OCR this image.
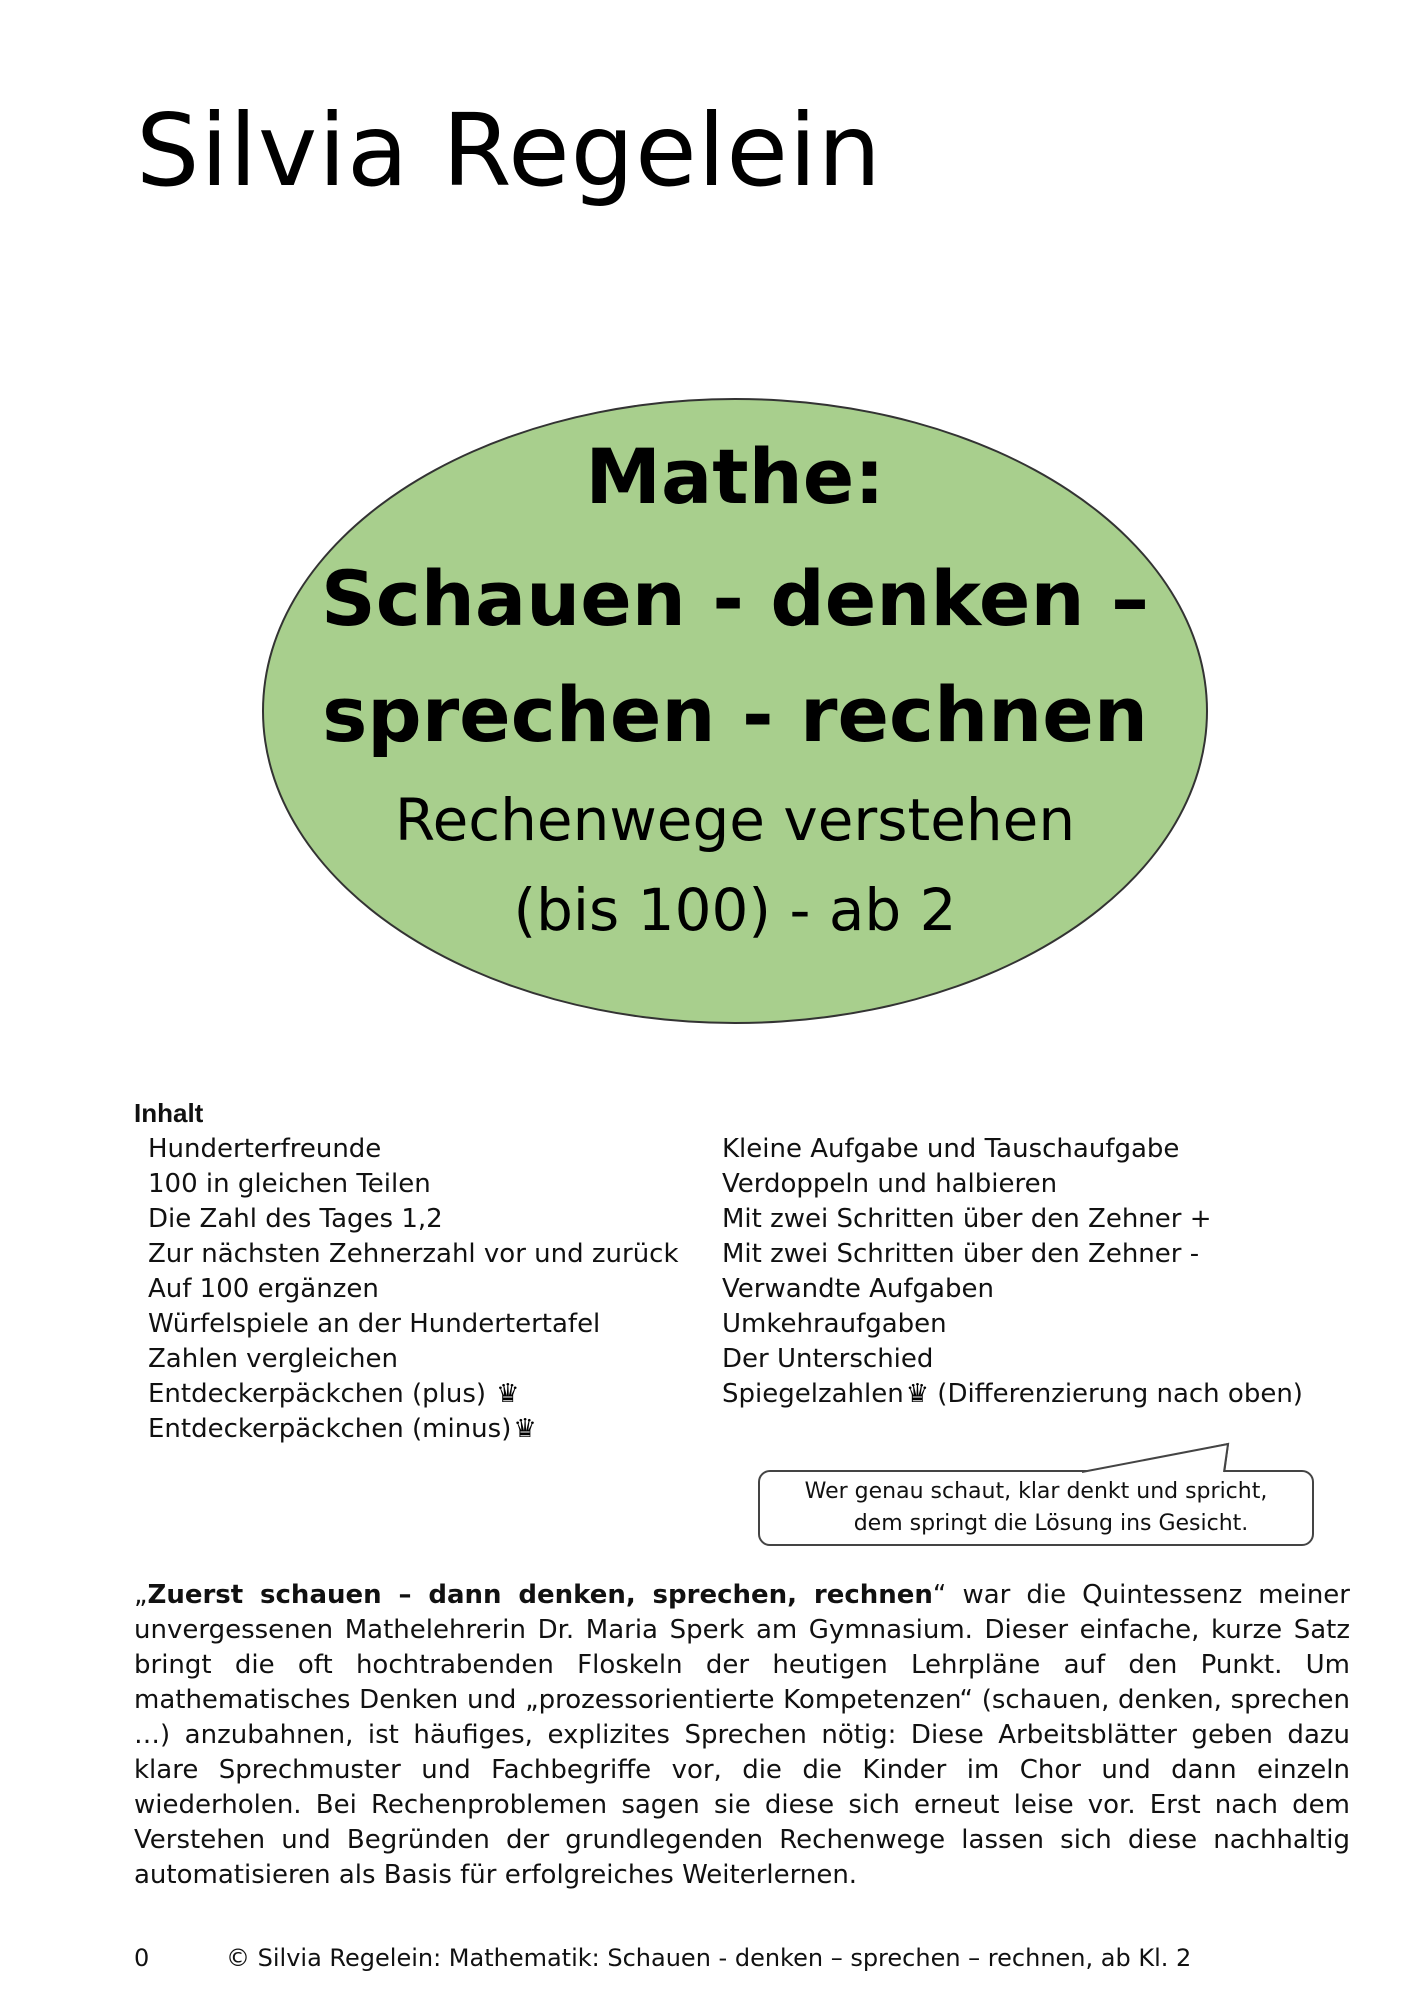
Silvia Regelein

Mathe:

Schauen - denken –

sprechen - rechnen

Rechenwege verstehen

(bis 100) - ab 2

Inhalt

Hunderterfreunde
100 in gleichen Teilen
Die Zahl des Tages 1,2
Zur nächsten Zehnerzahl vor und zurück
Auf 100 ergänzen
Würfelspiele an der Hundertertafel
Zahlen vergleichen
Entdeckerpäckchen (plus) ♛
Entdeckerpäckchen (minus)♛
Kleine Aufgabe und Tauschaufgabe
Verdoppeln und halbieren
Mit zwei Schritten über den Zehner +
Mit zwei Schritten über den Zehner -
Verwandte Aufgaben
Umkehraufgaben
Der Unterschied
Spiegelzahlen♛ (Differenzierung nach oben)

Wer genau schaut, klar denkt und spricht,

dem springt die Lösung ins Gesicht.

„Zuerst schauen – dann denken, sprechen, rechnen“ war die Quintessenz meiner unvergessenen Mathelehrerin Dr. Maria Sperk am Gymnasium. Dieser einfache, kurze Satz bringt die oft hochtrabenden Floskeln der heutigen Lehrpläne auf den Punkt. Um mathematisches Denken und „prozessorientierte Kompetenzen“ (schauen, denken, sprechen …) anzubahnen, ist häufiges, explizites Sprechen nötig: Diese Arbeitsblätter geben dazu klare Sprechmuster und Fachbegriffe vor, die die Kinder im Chor und dann einzeln wiederholen. Bei Rechenproblemen sagen sie diese sich erneut leise vor. Erst nach dem Verstehen und Begründen der grundlegenden Rechenwege lassen sich diese nachhaltig automatisieren als Basis für erfolgreiches Weiterlernen.

0	© Silvia Regelein: Mathematik: Schauen - denken – sprechen – rechnen, ab Kl. 2
